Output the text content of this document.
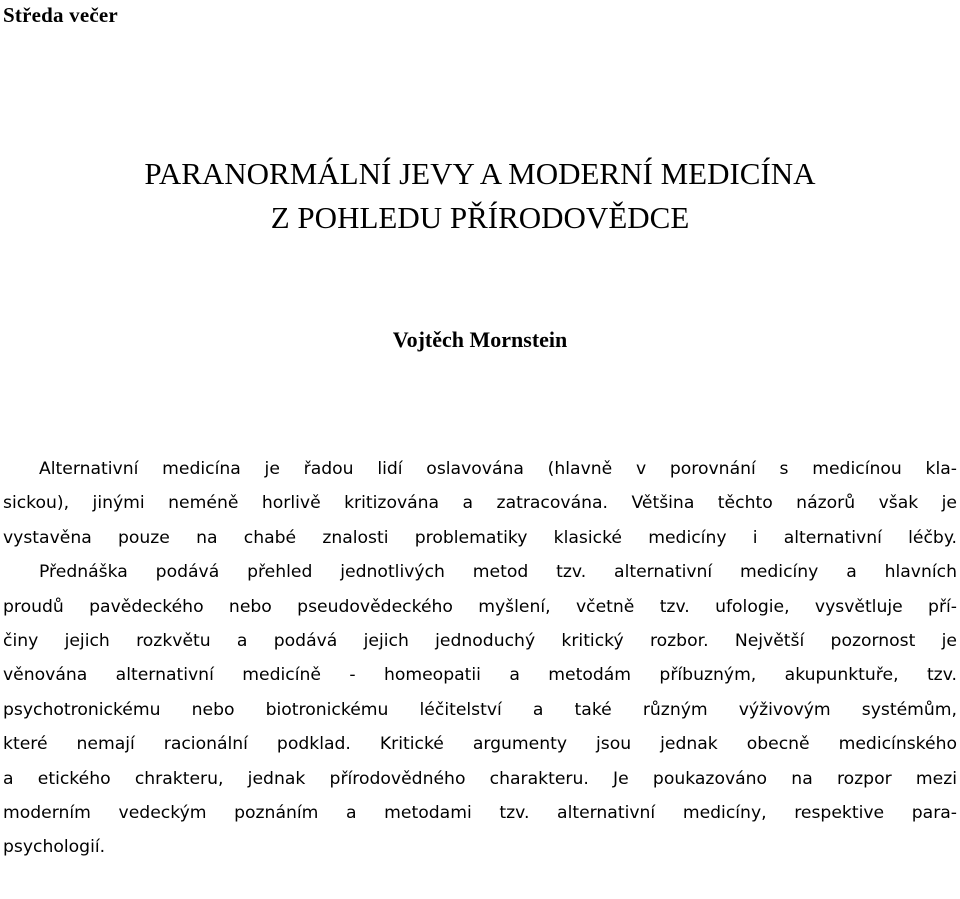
Středa večer
PARANORMÁLNÍ JEVY A MODERNÍ MEDICÍNA
Z POHLEDU PŘÍRODOVĚDCE
Vojtěch Mornstein
Alternativní medicína je řadou lidí oslavována (hlavně v porovnání s medicínou kla-
sickou), jinými neméně horlivě kritizována a zatracována. Většina těchto názorů však je
vystavěna pouze na chabé znalosti problematiky klasické medicíny i alternativní léčby.
Přednáška podává přehled jednotlivých metod tzv. alternativní medicíny a hlavních
proudů pavědeckého nebo pseudovědeckého myšlení, včetně tzv. ufologie, vysvětluje pří-
činy jejich rozkvětu a podává jejich jednoduchý kritický rozbor. Největší pozornost je
věnována alternativní medicíně - homeopatii a metodám příbuzným, akupunktuře, tzv.
psychotronickému nebo biotronickému léčitelství a také různým výživovým systémům,
které nemají racionální podklad. Kritické argumenty jsou jednak obecně medicínského
a etického chrakteru, jednak přírodovědného charakteru. Je poukazováno na rozpor mezi
moderním vedeckým poznáním a metodami tzv. alternativní medicíny, respektive para-
psychologií.
